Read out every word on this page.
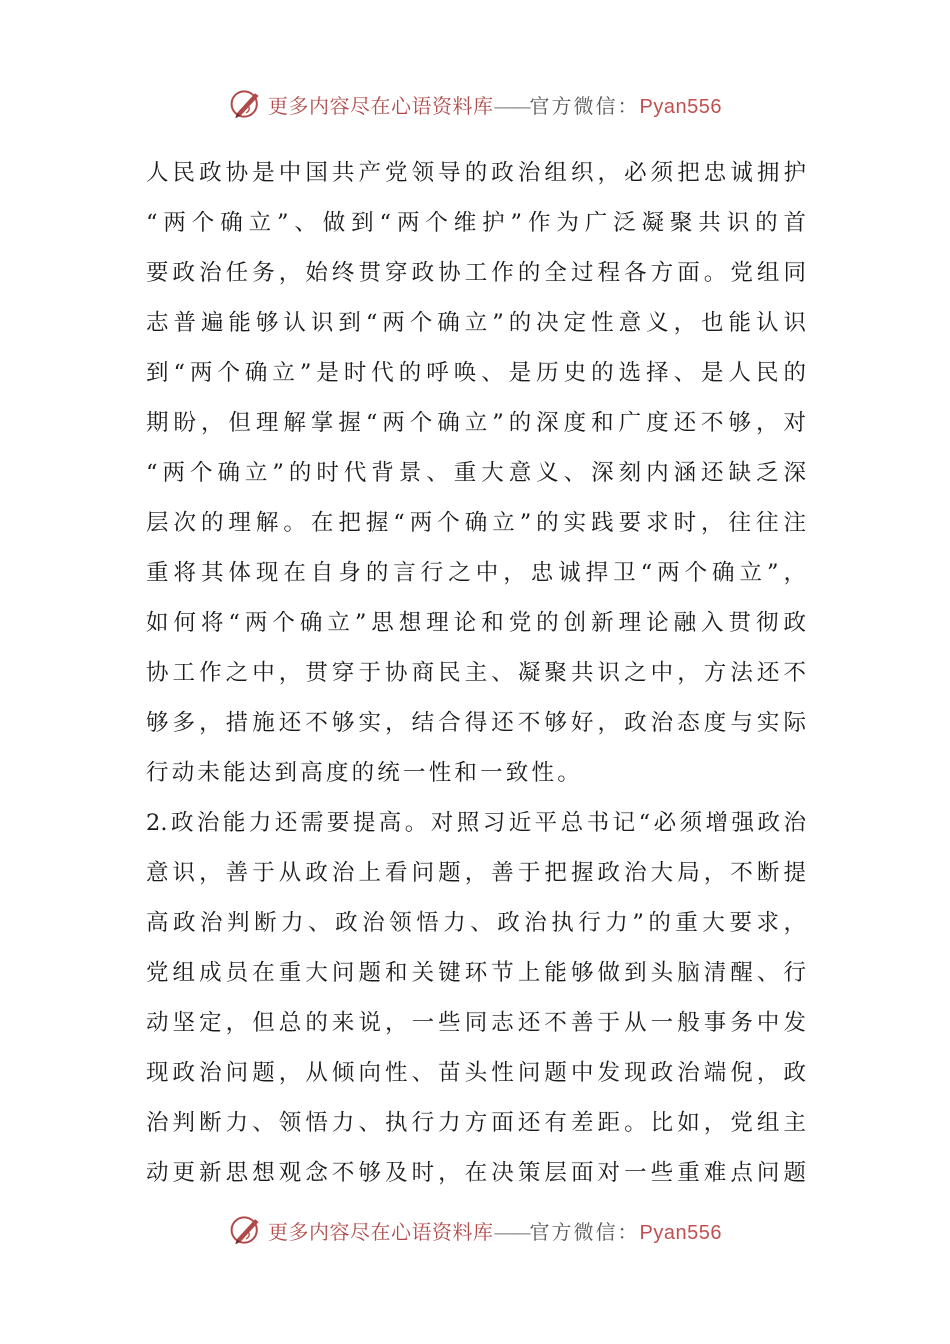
更多内容尽在心语资料库——官方微信：Pyan556
人民政协是中国共产党领导的政治组织，必须把忠诚拥护
“两个确立”、做到“两个维护”作为广泛凝聚共识的首
要政治任务，始终贯穿政协工作的全过程各方面。党组同
志普遍能够认识到“两个确立”的决定性意义，也能认识
到“两个确立”是时代的呼唤、是历史的选择、是人民的
期盼，但理解掌握“两个确立”的深度和广度还不够，对
“两个确立”的时代背景、重大意义、深刻内涵还缺乏深
层次的理解。在把握“两个确立”的实践要求时，往往注
重将其体现在自身的言行之中，忠诚捍卫“两个确立”，
如何将“两个确立”思想理论和党的创新理论融入贯彻政
协工作之中，贯穿于协商民主、凝聚共识之中，方法还不
够多，措施还不够实，结合得还不够好，政治态度与实际
行动未能达到高度的统一性和一致性。
2.政治能力还需要提高。对照习近平总书记“必须增强政治
意识，善于从政治上看问题，善于把握政治大局，不断提
高政治判断力、政治领悟力、政治执行力”的重大要求，
党组成员在重大问题和关键环节上能够做到头脑清醒、行
动坚定，但总的来说，一些同志还不善于从一般事务中发
现政治问题，从倾向性、苗头性问题中发现政治端倪，政
治判断力、领悟力、执行力方面还有差距。比如，党组主
动更新思想观念不够及时，在决策层面对一些重难点问题
更多内容尽在心语资料库——官方微信：Pyan556
